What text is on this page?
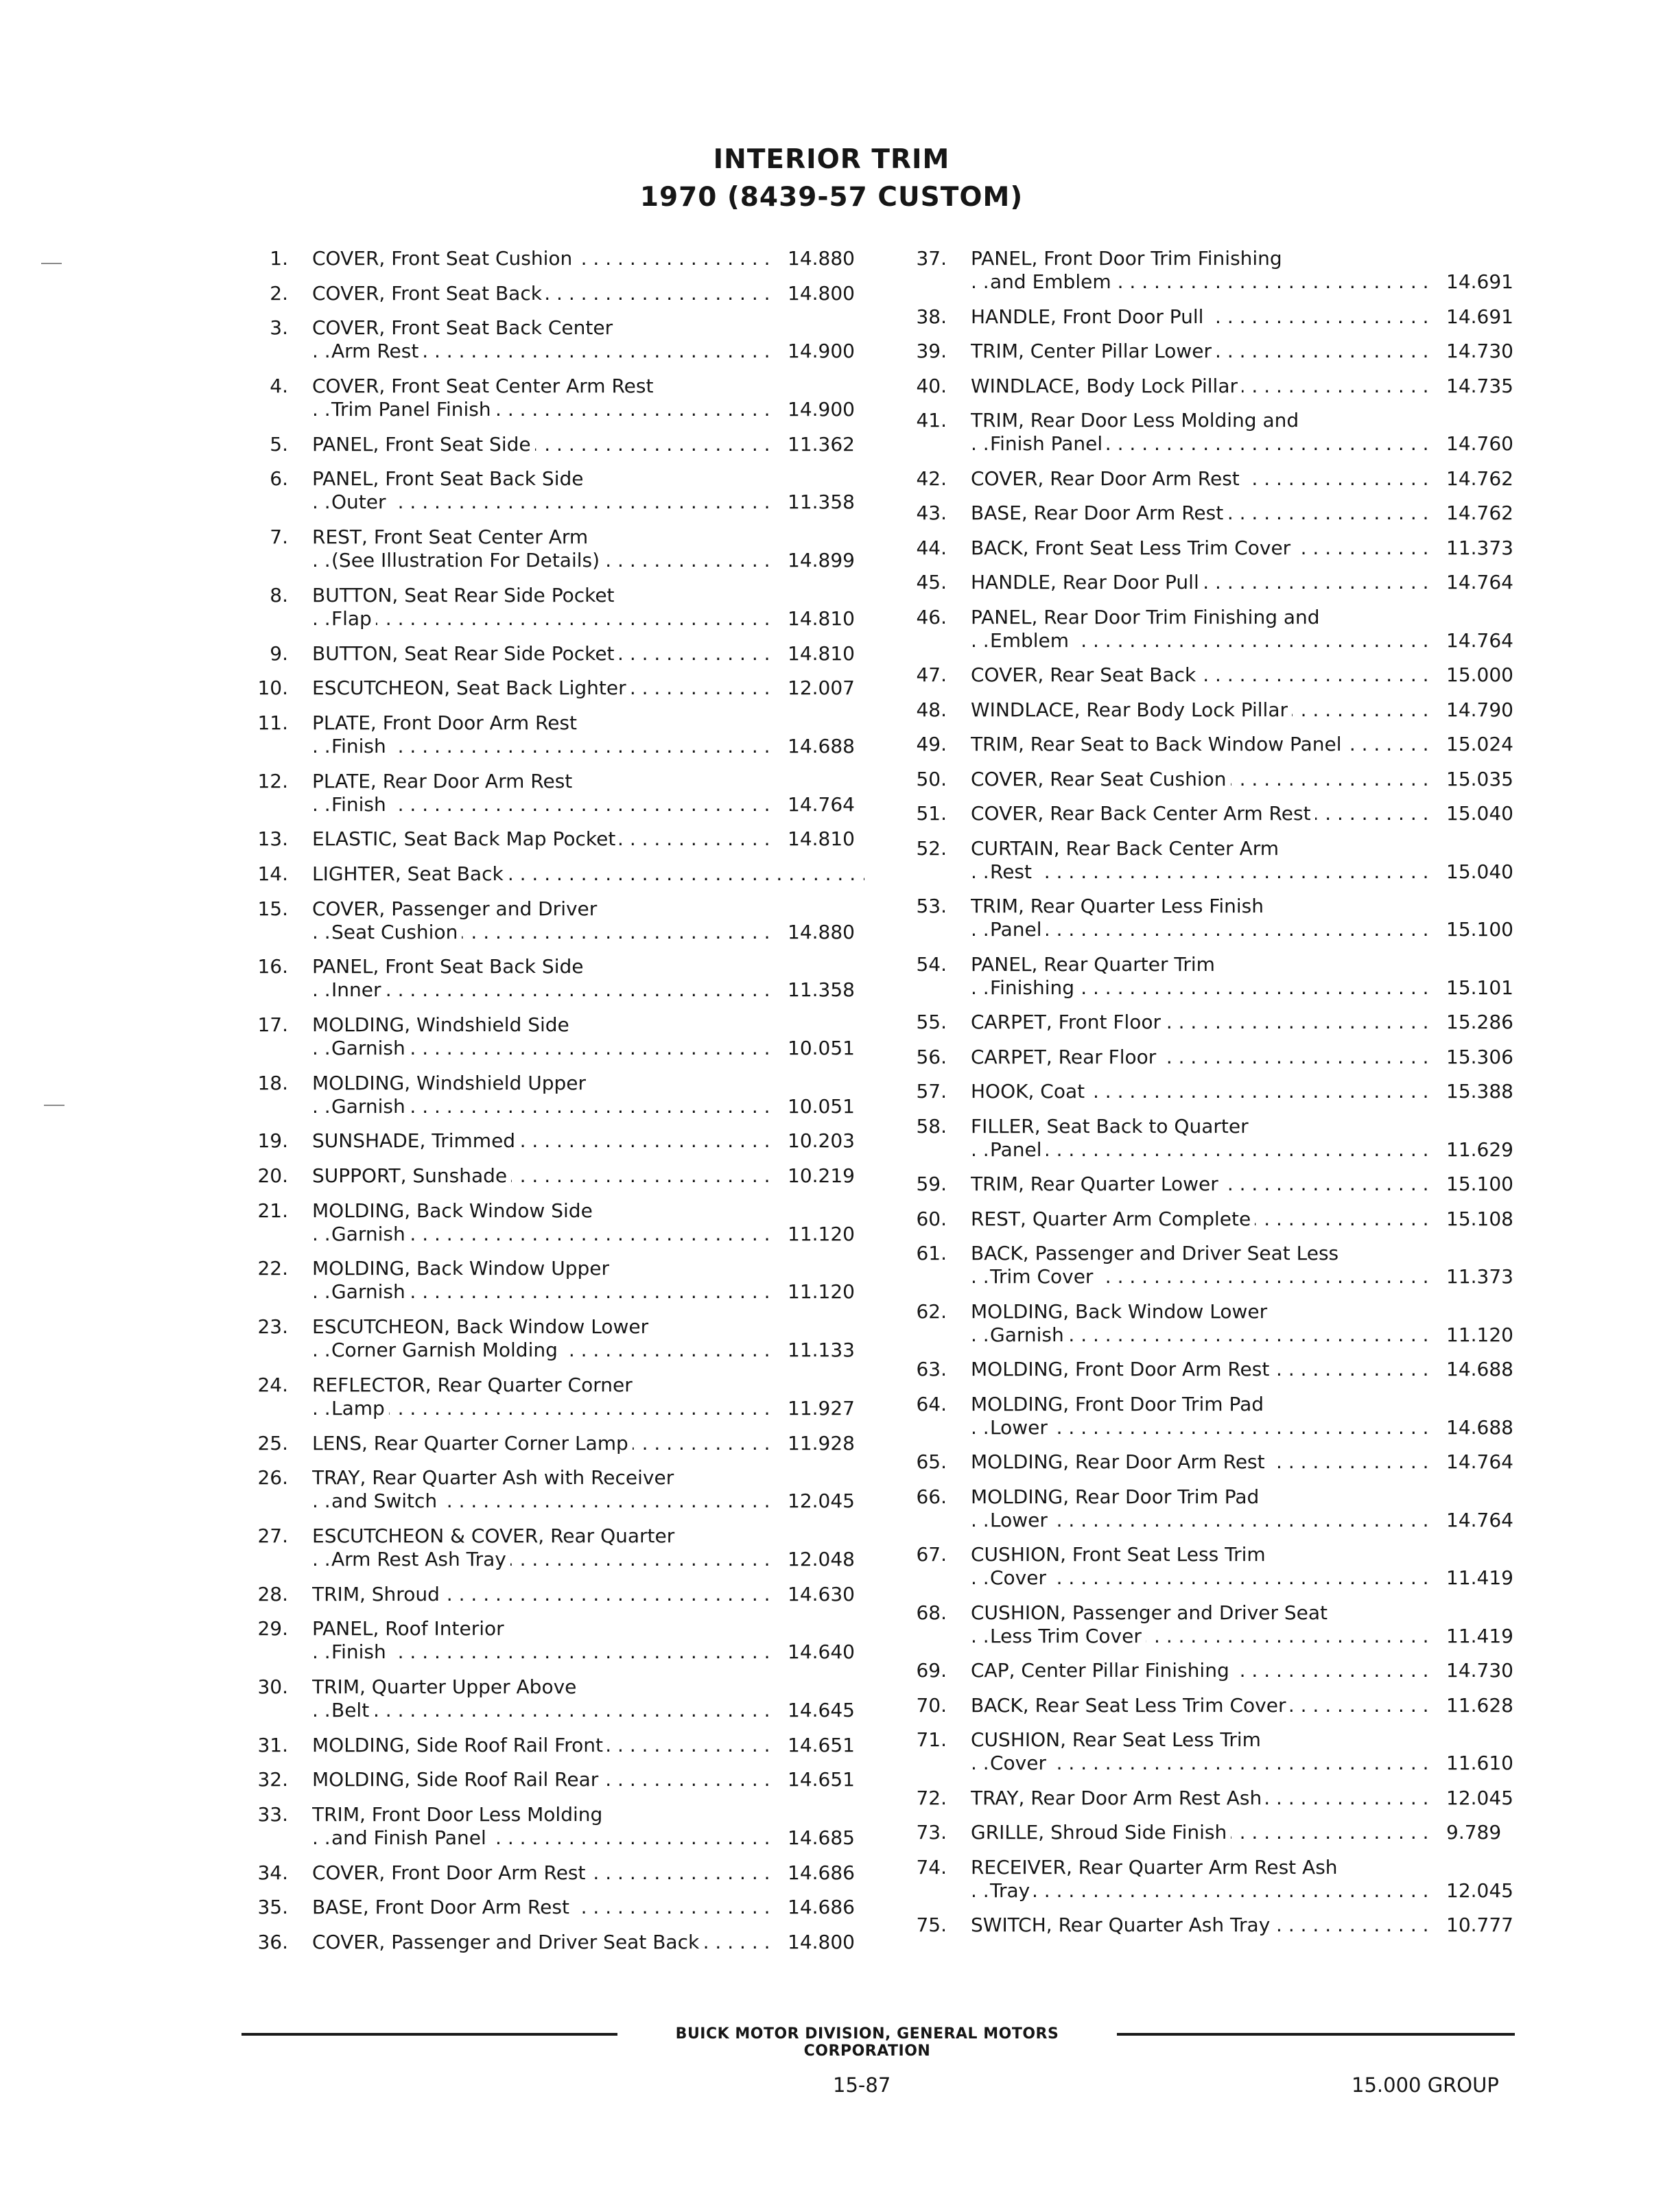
INTERIOR TRIM
1970 (8439-57 CUSTOM)
1. . . . COVER, Front Seat Cushion	14.880
2. . . . COVER, Front Seat Back	14.800
3. COVER, Front Seat Back Center
. . . Arm Rest	14.900
4. COVER, Front Seat Center Arm Rest
. . . Trim Panel Finish	14.900
5. . . . PANEL, Front Seat Side	11.362
6. PANEL, Front Seat Back Side
. . . Outer	11.358
7. REST, Front Seat Center Arm
. . . (See Illustration For Details)	14.899
8. BUTTON, Seat Rear Side Pocket
. . . Flap	14.810
9. . . . BUTTON, Seat Rear Side Pocket	14.810
10. . . . ESCUTCHEON, Seat Back Lighter	12.007
11. PLATE, Front Door Arm Rest
. . . Finish	14.688
12. PLATE, Rear Door Arm Rest
. . . Finish	14.764
13. . . . ELASTIC, Seat Back Map Pocket	14.810
14. . . . LIGHTER, Seat Back
15. COVER, Passenger and Driver
. . . Seat Cushion	14.880
16. PANEL, Front Seat Back Side
. . . Inner	11.358
17. MOLDING, Windshield Side
. . . Garnish	10.051
18. MOLDING, Windshield Upper
. . . Garnish	10.051
19. . . . SUNSHADE, Trimmed	10.203
20. . . . SUPPORT, Sunshade	10.219
21. MOLDING, Back Window Side
. . . Garnish	11.120
22. MOLDING, Back Window Upper
. . . Garnish	11.120
23. ESCUTCHEON, Back Window Lower
. . . Corner Garnish Molding	11.133
24. REFLECTOR, Rear Quarter Corner
. . . Lamp	11.927
25. . . . LENS, Rear Quarter Corner Lamp	11.928
26. TRAY, Rear Quarter Ash with Receiver
. . . and Switch	12.045
27. ESCUTCHEON & COVER, Rear Quarter
. . . Arm Rest Ash Tray	12.048
28. . . . TRIM, Shroud	14.630
29. PANEL, Roof Interior
. . . Finish	14.640
30. TRIM, Quarter Upper Above
. . . Belt	14.645
31. . . . MOLDING, Side Roof Rail Front	14.651
32. . . . MOLDING, Side Roof Rail Rear	14.651
33. TRIM, Front Door Less Molding
. . . and Finish Panel	14.685
34. . . . COVER, Front Door Arm Rest	14.686
35. . . . BASE, Front Door Arm Rest	14.686
36. . . . COVER, Passenger and Driver Seat Back	14.800
37. PANEL, Front Door Trim Finishing
. . . and Emblem	14.691
38. . . . HANDLE, Front Door Pull	14.691
39. . . . TRIM, Center Pillar Lower	14.730
40. . . . WINDLACE, Body Lock Pillar	14.735
41. TRIM, Rear Door Less Molding and
. . . Finish Panel	14.760
42. . . . COVER, Rear Door Arm Rest	14.762
43. . . . BASE, Rear Door Arm Rest	14.762
44. . . . BACK, Front Seat Less Trim Cover	11.373
45. . . . HANDLE, Rear Door Pull	14.764
46. PANEL, Rear Door Trim Finishing and
. . . Emblem	14.764
47. . . . COVER, Rear Seat Back	15.000
48. . . . WINDLACE, Rear Body Lock Pillar	14.790
49. . . . TRIM, Rear Seat to Back Window Panel	15.024
50. . . . COVER, Rear Seat Cushion	15.035
51. . . . COVER, Rear Back Center Arm Rest	15.040
52. CURTAIN, Rear Back Center Arm
. . . Rest	15.040
53. TRIM, Rear Quarter Less Finish
. . . Panel	15.100
54. PANEL, Rear Quarter Trim
. . . Finishing	15.101
55. . . . CARPET, Front Floor	15.286
56. . . . CARPET, Rear Floor	15.306
57. . . . HOOK, Coat	15.388
58. FILLER, Seat Back to Quarter
. . . Panel	11.629
59. . . . TRIM, Rear Quarter Lower	15.100
60. . . . REST, Quarter Arm Complete	15.108
61. BACK, Passenger and Driver Seat Less
. . . Trim Cover	11.373
62. MOLDING, Back Window Lower
. . . Garnish	11.120
63. . . . MOLDING, Front Door Arm Rest	14.688
64. MOLDING, Front Door Trim Pad
. . . Lower	14.688
65. . . . MOLDING, Rear Door Arm Rest	14.764
66. MOLDING, Rear Door Trim Pad
. . . Lower	14.764
67. CUSHION, Front Seat Less Trim
. . . Cover	11.419
68. CUSHION, Passenger and Driver Seat
. . . Less Trim Cover	11.419
69. . . . CAP, Center Pillar Finishing	14.730
70. . . . BACK, Rear Seat Less Trim Cover	11.628
71. CUSHION, Rear Seat Less Trim
. . . Cover	11.610
72. . . . TRAY, Rear Door Arm Rest Ash	12.045
73. . . . GRILLE, Shroud Side Finish	9.789
74. RECEIVER, Rear Quarter Arm Rest Ash
. . . Tray	12.045
75. . . . SWITCH, Rear Quarter Ash Tray	10.777
BUICK MOTOR DIVISION, GENERAL MOTORS CORPORATION
15-87	15.000 GROUP
